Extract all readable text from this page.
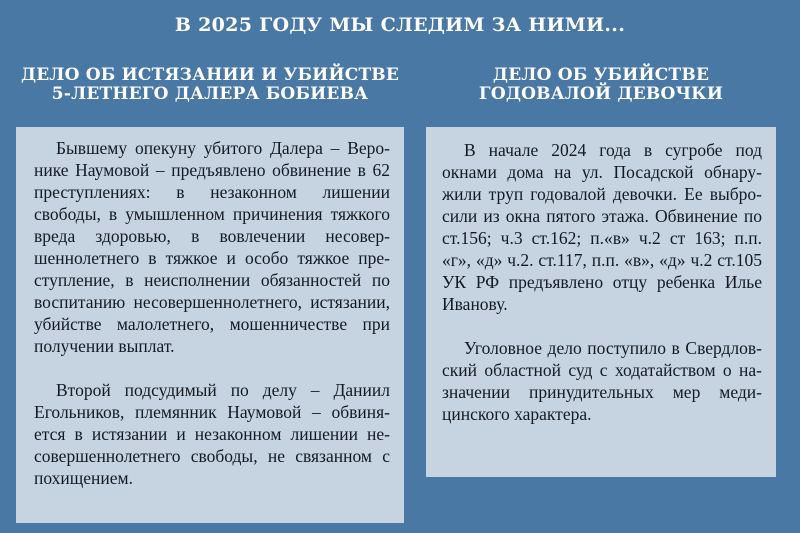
В 2025 ГОДУ МЫ СЛЕДИМ ЗА НИМИ...
ДЕЛО ОБ ИСТЯЗАНИИ И УБИЙСТВЕ
5-ЛЕТНЕГО ДАЛЕРА БОБИЕВА

Бывшему опекуну убитого Далера – Веронике Наумовой – предъявлено обвинение в 62 преступлениях: в незаконном лишении свободы, в умышленном причинения тяжкого вреда здоровью, в вовлечении несовершеннолетнего в тяжкое и особо тяжкое преступление, в неисполнении обязанностей по воспитанию несовершеннолетнего, истязании, убийстве малолетнего, мошенничестве при получении выплат.

Второй подсудимый по делу – Даниил Егольников, племянник Наумовой – обвиняется в истязании и незаконном лишении несовершеннолетнего свободы, не связанном с похищением.

ДЕЛО ОБ УБИЙСТВЕ
ГОДОВАЛОЙ ДЕВОЧКИ

В начале 2024 года в сугробе под окнами дома на ул. Посадской обнаружили труп годовалой девочки. Ее выбросили из окна пятого этажа. Обвинение по ст.156; ч.3 ст.162; п.«в» ч.2 ст 163; п.п. «г», «д» ч.2. ст.117, п.п. «в», «д» ч.2 ст.105 УК РФ предъявлено отцу ребенка Илье Иванову.

Уголовное дело поступило в Свердловский областной суд с ходатайством о назначении принудительных мер медицинского характера.
